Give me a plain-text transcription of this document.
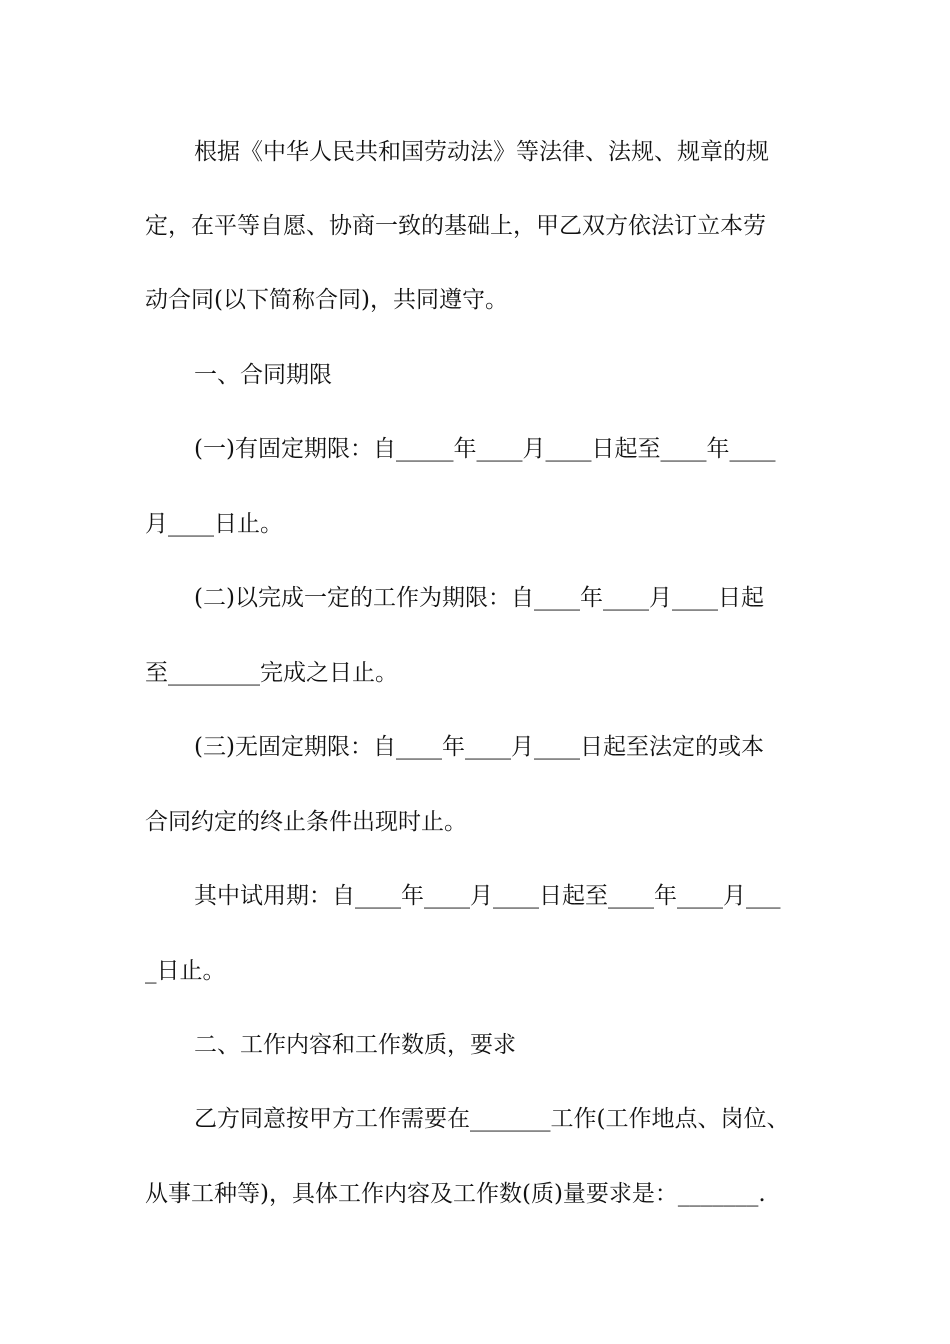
根据《中华人民共和国劳动法》等法律、法规、规章的规
定，在平等自愿、协商一致的基础上，甲乙双方依法订立本劳
动合同(以下简称合同)，共同遵守。
一、合同期限
(一)有固定期限：自_____年____月____日起至____年____
月____日止。
(二)以完成一定的工作为期限：自____年____月____日起
至________完成之日止。
(三)无固定期限：自____年____月____日起至法定的或本
合同约定的终止条件出现时止。
其中试用期：自____年____月____日起至____年____月___
_日止。
二、工作内容和工作数质，要求
乙方同意按甲方工作需要在_______工作(工作地点、岗位、
从事工种等)，具体工作内容及工作数(质)量要求是：_______.
